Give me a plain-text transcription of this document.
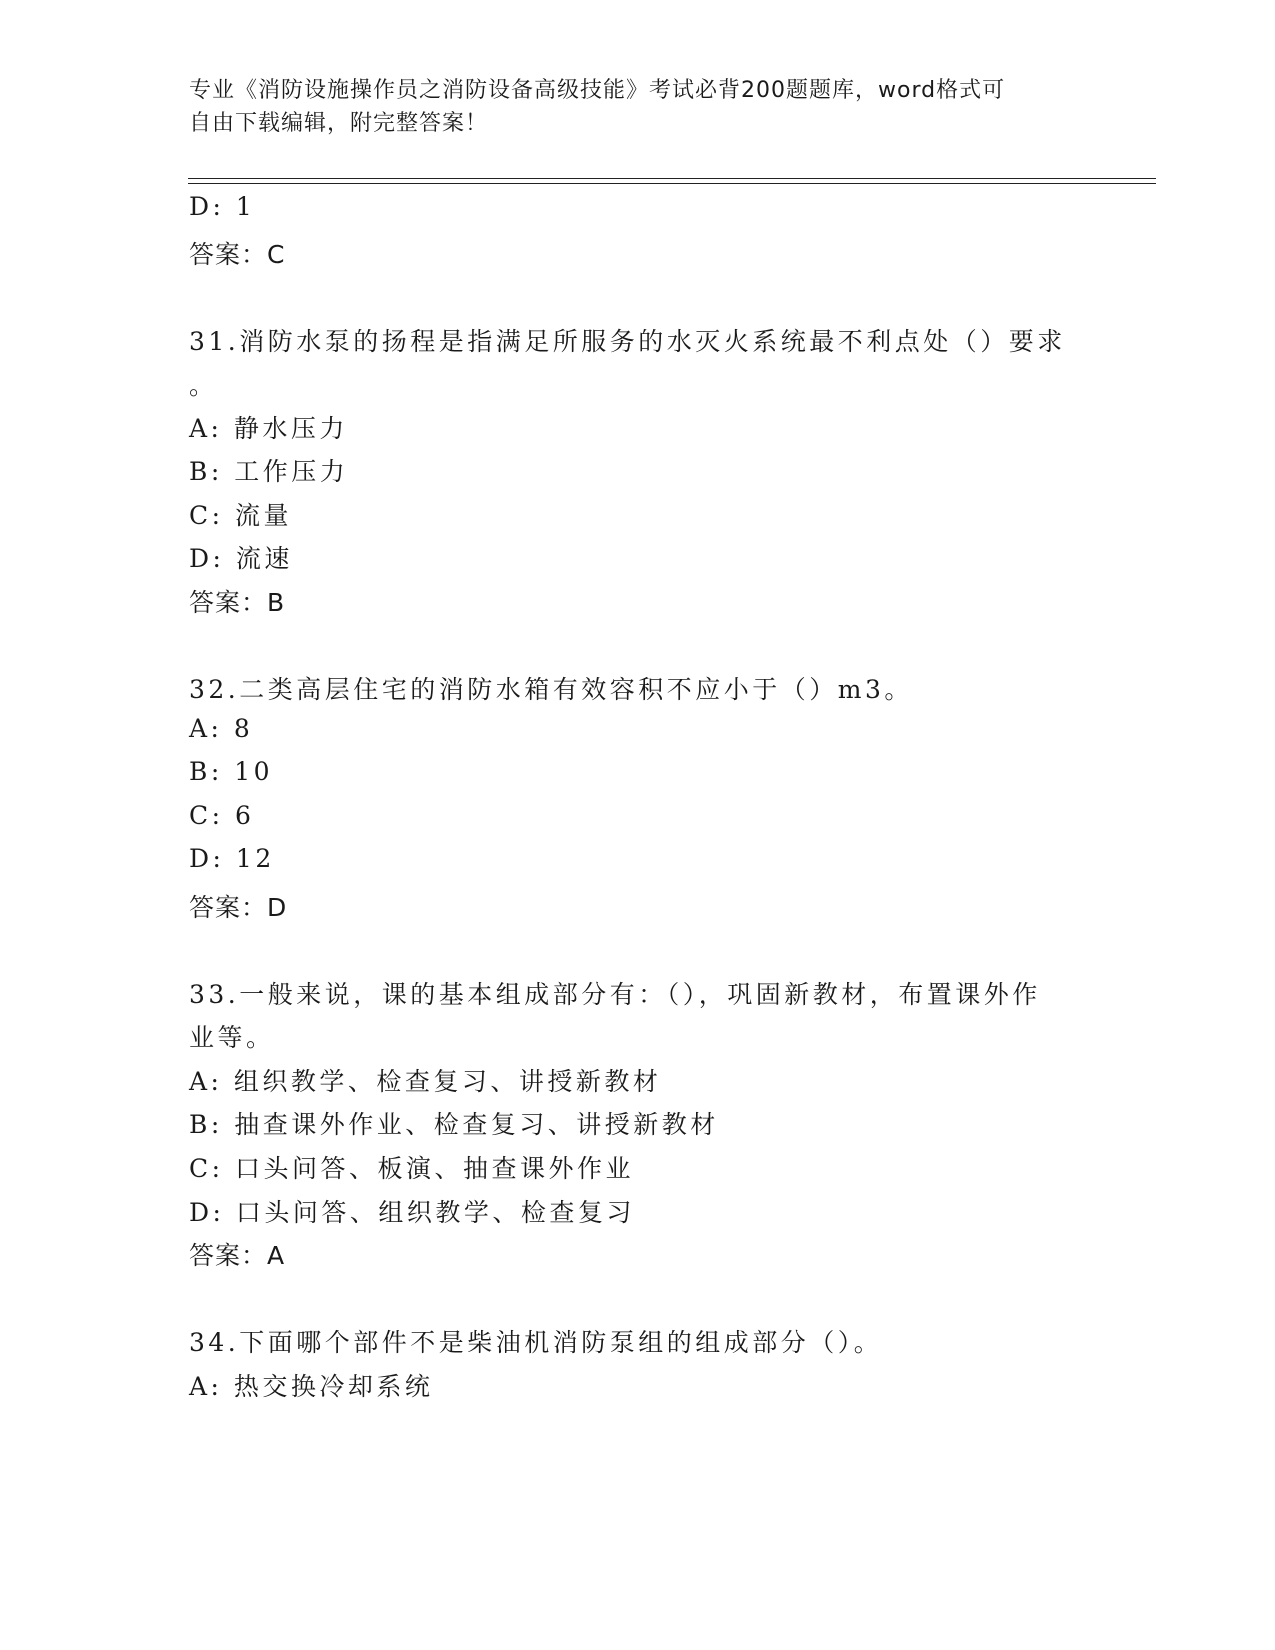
专业《消防设施操作员之消防设备高级技能》考试必背200题题库，word格式可
自由下载编辑，附完整答案！
D: 1
答案：C
31.消防水泵的扬程是指满足所服务的水灭火系统最不利点处（）要求
。
A: 静水压力
B: 工作压力
C: 流量
D: 流速
答案：B
32.二类高层住宅的消防水箱有效容积不应小于（）m3。
A: 8
B: 10
C: 6
D: 12
答案：D
33.一般来说，课的基本组成部分有：（），巩固新教材，布置课外作
业等。
A: 组织教学、检查复习、讲授新教材
B: 抽查课外作业、检查复习、讲授新教材
C: 口头问答、板演、抽查课外作业
D: 口头问答、组织教学、检查复习
答案：A
34.下面哪个部件不是柴油机消防泵组的组成部分（）。
A: 热交换冷却系统
